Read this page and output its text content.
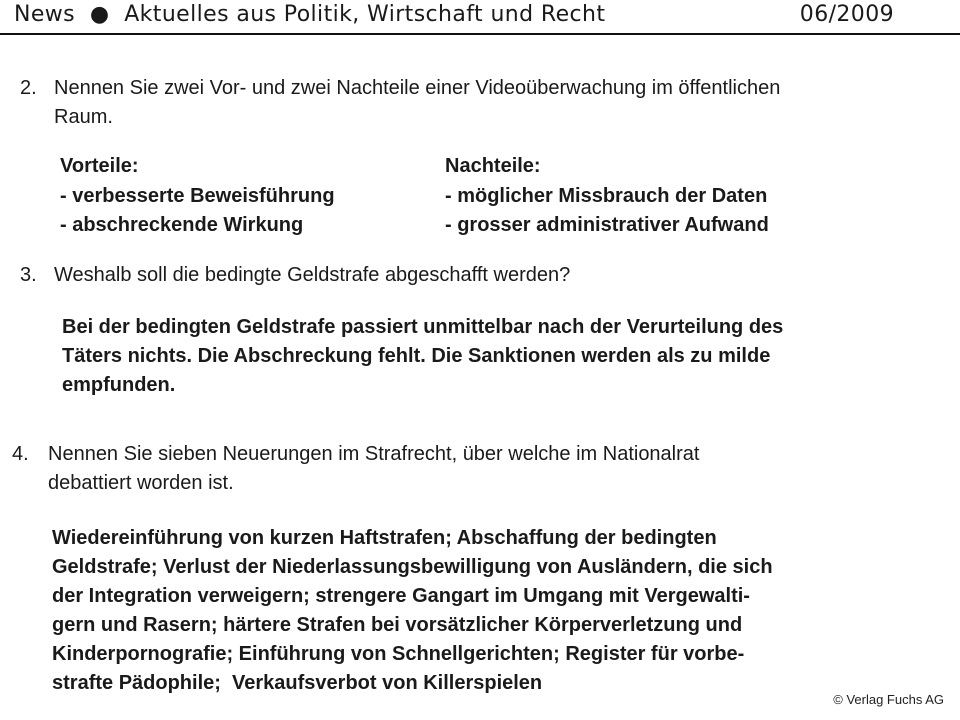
News  ●  Aktuelles aus Politik, Wirtschaft und Recht	06/2009
2. Nennen Sie zwei Vor- und zwei Nachteile einer Videoüberwachung im öffentlichen
Raum.
Vorteile:
- verbesserte Beweisführung
- abschreckende Wirkung
Nachteile:
- möglicher Missbrauch der Daten
- grosser administrativer Aufwand
3. Weshalb soll die bedingte Geldstrafe abgeschafft werden?
Bei der bedingten Geldstrafe passiert unmittelbar nach der Verurteilung des
Täters nichts. Die Abschreckung fehlt. Die Sanktionen werden als zu milde
empfunden.
4. Nennen Sie sieben Neuerungen im Strafrecht, über welche im Nationalrat
debattiert worden ist.
Wiedereinführung von kurzen Haftstrafen; Abschaffung der bedingten
Geldstrafe; Verlust der Niederlassungsbewilligung von Ausländern, die sich
der Integration verweigern; strengere Gangart im Umgang mit Vergewalti-
gern und Rasern; härtere Strafen bei vorsätzlicher Körperverletzung und
Kinderpornografie; Einführung von Schnellgerichten; Register für vorbe-
strafte Pädophile;  Verkaufsverbot von Killerspielen
© Verlag Fuchs AG
